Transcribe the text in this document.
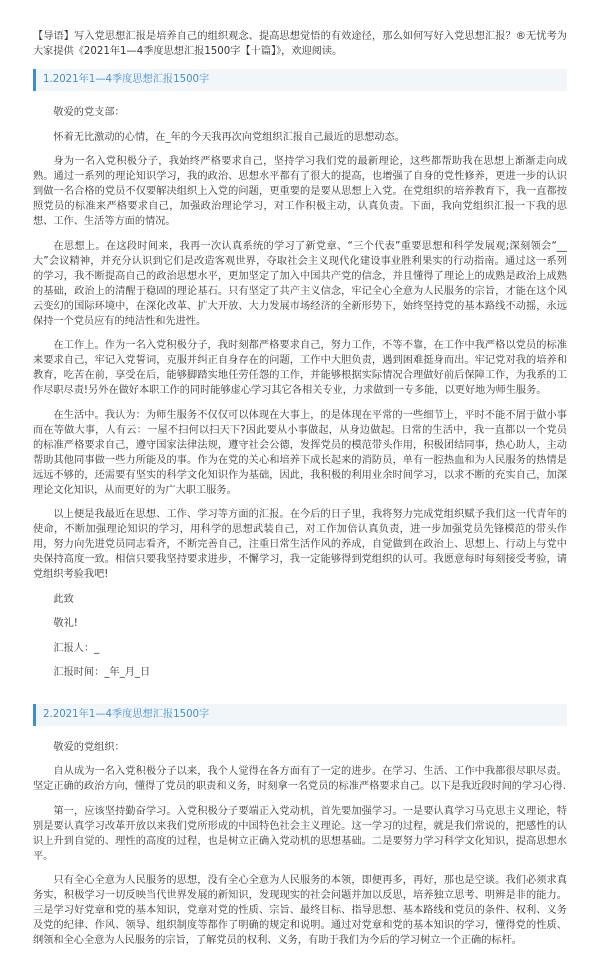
【导语】写入党思想汇报是培养自己的组织观念、提高思想觉悟的有效途径，那么如何写好入党思想汇报？®无忧考为大家提供《2021年1—4季度思想汇报1500字【十篇】》，欢迎阅读。

1.2021年1—4季度思想汇报1500字

敬爱的党支部：

怀着无比激动的心情，在_年的今天我再次向党组织汇报自己最近的思想动态。

身为一名入党积极分子，我始终严格要求自己，坚持学习我们党的最新理论，这些都帮助我在思想上渐渐走向成熟。通过一系列的理论知识学习，我的政治、思想水平都有了很大的提高，也增强了自身的党性修养，更进一步的认识到做一名合格的党员不仅要解决组织上入党的问题，更重要的是要从思想上入党。在党组织的培养教育下，我一直都按照党员的标准来严格要求自己，加强政治理论学习，对工作积极主动，认真负责。下面，我向党组织汇报一下我的思想、工作、生活等方面的情况。

在思想上。在这段时间来，我再一次认真系统的学习了新党章、“三个代表”重要思想和科学发展观;深刻领会“__大”会议精神，并充分认识到它们是改造客观世界，夺取社会主义现代化建设事业胜利果实的行动指南。通过这一系列的学习，我不断提高自己的政治思想水平，更加坚定了加入中国共产党的信念，并且懂得了理论上的成熟是政治上成熟的基础，政治上的清醒于稳固的理论基石。只有坚定了共产主义信念，牢记全心全意为人民服务的宗旨，才能在这个风云变幻的国际环境中，在深化改革、扩大开放、大力发展市场经济的全新形势下，始终坚持党的基本路线不动摇，永远保持一个党员应有的纯洁性和先进性。

在工作上。作为一名入党积极分子，我时刻都严格要求自己，努力工作，不等不靠，在工作中我严格以党员的标准来要求自己，牢记入党誓词，克服并纠正自身存在的问题，工作中大胆负责，遇到困难挺身而出。牢记党对我的培养和教育，吃苦在前，享受在后，能够脚踏实地任劳任怨的工作，并能够根据实际情况合理做好前后保障工作，为我系的工作尽职尽责!另外在做好本职工作的同时能够虚心学习其它各相关专业，力求做到一专多能，以更好地为师生服务。

在生活中。我认为：为师生服务不仅仅可以体现在大事上，的是体现在平常的一些细节上，平时不能不屑于做小事而在等做大事，人有云：一屋不扫何以扫天下?因此要从小事做起，从身边做起。日常的生活中，我一直都以一个党员的标准严格要求自己，遵守国家法律法规，遵守社会公德，发挥党员的模范带头作用，积极团结同事，热心助人，主动帮助其他同事做一些力所能及的事。作为在党的关心和培养下成长起来的消防员，单有一腔热血和为人民服务的热情是远远不够的，还需要有坚实的科学文化知识作为基础，因此，我积极的利用业余时间学习，以求不断的充实自己，加深理论文化知识，从而更好的为广大职工服务。

以上便是我最近在思想、工作、学习等方面的汇报。在今后的日子里，我将努力完成党组织赋予我们这一代青年的使命，不断加强理论知识的学习，用科学的思想武装自己，对工作加倍认真负责，进一步加强党员先锋模范的带头作用，努力向先进党员同志看齐，不断完善自己，注重日常生活作风的养成，自觉做到在政治上、思想上、行动上与党中央保持高度一致。相信只要我坚持要求进步，不懈学习，我一定能够得到党组织的认可。我愿意每时每刻接受考验，请党组织考验我吧!

此致

敬礼!

汇报人：_

汇报时间：_年_月_日

2.2021年1—4季度思想汇报1500字

敬爱的党组织：

自从成为一名入党积极分子以来，我个人觉得在各方面有了一定的进步。在学习、生活、工作中我都很尽职尽责。坚定正确的政治方向，懂得了党员的职责和义务，时刻拿一名党员的标准严格要求自己。以下是我近段时间的学习心得.

第一，应该坚持勤奋学习。入党积极分子要端正入党动机，首先要加强学习。一是要认真学习马克思主义理论，特别是要认真学习改革开放以来我们党所形成的中国特色社会主义理论。这一学习的过程，就是我们常说的，把感性的认识上升到自觉的、理性的高度的过程，也是树立正确入党动机的思想基础。二是要努力学习科学文化知识，提高思想水平。

只有全心全意为人民服务的思想，没有全心全意为人民服务的本领，即便再多，再好，那也是空谈。我们必须求真务实，积极学习一切反映当代世界发展的新知识，发现现实的社会问题并加以反思，培养独立思考、明辨是非的能力。三是学习好党章和党的基本知识，党章对党的性质、宗旨、最终目标、指导思想、基本路线和党员的条件、权利、义务及党的纪律、作风、领导、组织制度等都作了明确的规定和说明。通过对党章和党的基本知识的学习，懂得党的性质、纲领和全心全意为人民服务的宗旨，了解党员的权利、义务，有助于我们为今后的学习树立一个正确的标杆。
